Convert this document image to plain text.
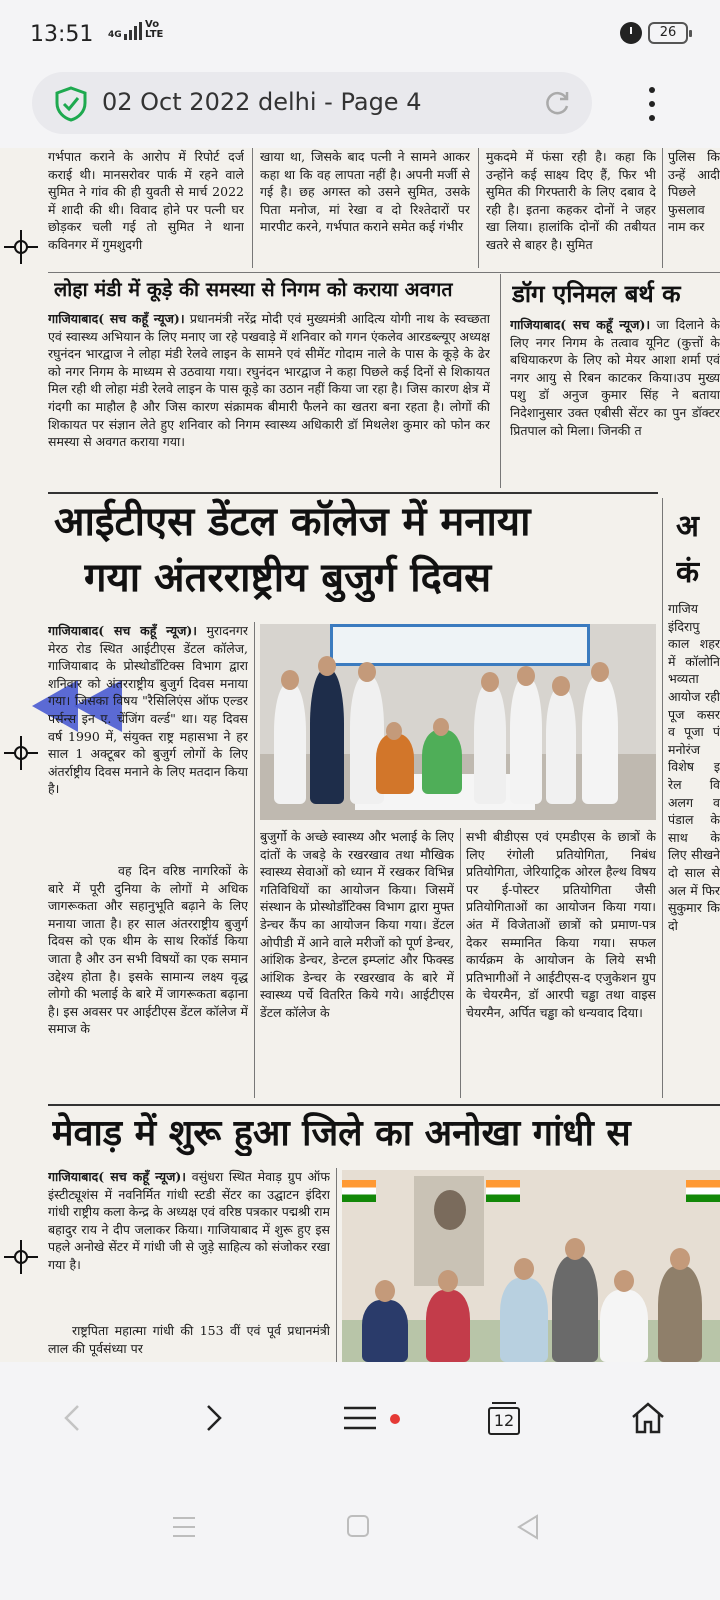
13:51 4G
Vo
LTE	26
02 Oct 2022 delhi - Page 4
गर्भपात कराने के आरोप में रिपोर्ट दर्ज कराई थी। मानसरोवर पार्क में रहने वाले सुमित ने गांव की ही युवती से मार्च 2022 में शादी की थी। विवाद होने पर पत्नी घर छोड़कर चली गई तो सुमित ने थाना कविनगर में गुमशुदगी
खाया था, जिसके बाद पत्नी ने सामने आकर कहा था कि वह लापता नहीं है। अपनी मर्जी से गई है। छह अगस्त को उसने सुमित, उसके पिता मनोज, मां रेखा व दो रिश्तेदारों पर मारपीट करने, गर्भपात कराने समेत कई गंभीर
मुकदमे में फंसा रही है। कहा कि उन्होंने कई साक्ष्य दिए हैं, फिर भी सुमित की गिरफ्तारी के लिए दबाव दे रही है। इतना कहकर दोनों ने जहर खा लिया। हालांकि दोनों की तबीयत खतरे से बाहर है। सुमित
पुलिस कि उन्हें आदी पिछले फुसलाव नाम कर
लोहा मंडी में कूड़े की समस्या से निगम को कराया अवगत

गाजियाबाद( सच कहूँ न्यूज)। प्रधानमंत्री नरेंद्र मोदी एवं मुख्यमंत्री आदित्य योगी नाथ के स्वच्छता एवं स्वास्थ्य अभियान के लिए मनाए जा रहे पखवाड़े में शनिवार को गगन एंकलेव आरडब्ल्यूए अध्यक्ष रघुनंदन भारद्वाज ने लोहा मंडी रेलवे लाइन के सामने एवं सीमेंट गोदाम नाले के पास के कूड़े के ढेर को नगर निगम के माध्यम से उठवाया गया। रघुनंदन भारद्वाज ने कहा पिछले कई दिनों से शिकायत मिल रही थी लोहा मंडी रेलवे लाइन के पास कूड़े का उठान नहीं किया जा रहा है। जिस कारण क्षेत्र में गंदगी का माहौल है और जिस कारण संक्रामक बीमारी फैलने का खतरा बना रहता है। लोगों की शिकायत पर संज्ञान लेते हुए शनिवार को निगम स्वास्थ्य अधिकारी डॉ मिथलेश कुमार को फोन कर समस्या से अवगत कराया गया।

डॉग एनिमल बर्थ क

गाजियाबाद( सच कहूँ न्यूज)। जा दिलाने के लिए नगर निगम के तत्वाव यूनिट (कुत्तों के बधियाकरण के लिए को मेयर आशा शर्मा एवं नगर आयु से रिबन काटकर किया।उप मुख्य पशु डॉ अनुज कुमार सिंह ने बताया निदेशानुसार उक्त एबीसी सेंटर का पुन डॉक्टर प्रितपाल को मिला। जिनकी त

आईटीएस डेंटल कॉलेज में मनाया
गया अंतरराष्ट्रीय बुजुर्ग दिवस

गाजियाबाद( सच कहूँ न्यूज)। मुरादनगर मेरठ रोड स्थित आईटीएस डेंटल कॉलेज, गाजियाबाद के प्रोस्थोडॉंटिक्स विभाग द्वारा शनिवार को अंतरराष्ट्रीय बुजुर्ग दिवस मनाया गया। जिसका विषय "रैसिलिएंस ऑफ एल्डर पर्सन्स इन ए. चेंजिंग वर्ल्ड" था। यह दिवस वर्ष 1990 में, संयुक्त राष्ट्र महासभा ने हर साल 1 अक्टूबर को बुजुर्ग लोगों के लिए अंतर्राष्ट्रीय दिवस मनाने के लिए मतदान किया है।

वह दिन वरिष्ठ नागरिकों के बारे में पूरी दुनिया के लोगों मे अधिक जागरूकता और सहानुभूति बढ़ाने के लिए मनाया जाता है। हर साल अंतरराष्ट्रीय बुजुर्ग दिवस को एक थीम के साथ रिकॉर्ड किया जाता है और उन सभी विषयों का एक समान उद्देश्य होता है। इसके सामान्य लक्ष्य वृद्ध लोगो की भलाई के बारे में जागरूकता बढ़ाना है। इस अवसर पर आईटीएस डेंटल कॉलेज में समाज के
बुजुर्गो के अच्छे स्वास्थ्य और भलाई के लिए दांतों के जबड़े के रखरखाव तथा मौखिक स्वास्थ्य सेवाओं को ध्यान में रखकर विभिन्न गतिविधियों का आयोजन किया। जिसमें संस्थान के प्रोस्थोडॉंटिक्स विभाग द्वारा मुफ्त डेन्चर कैंप का आयोजन किया गया। डेंटल ओपीडी में आने वाले मरीजों को पूर्ण डेन्चर, आंशिक डेन्चर, डेन्टल इम्प्लांट और फिक्स्ड आंशिक डेन्चर के रखरखाव के बारे में स्वास्थ्य पर्चे वितरित किये गये। आईटीएस डेंटल कॉलेज के
सभी बीडीएस एवं एमडीएस के छात्रों के लिए रंगोली प्रतियोगिता, निबंध प्रतियोगिता, जेरियाट्रिक ओरल हैल्थ विषय पर ई-पोस्टर प्रतियोगिता जैसी प्रतियोगिताओं का आयोजन किया गया। अंत में विजेताओं छात्रों को प्रमाण-पत्र देकर सम्मानित किया गया। सफल कार्यक्रम के आयोजन के लिये सभी प्रतिभागीओं ने आईटीएस-द एजुकेशन ग्रुप के चेयरमैन, डॉ आरपी चड्ढा तथा वाइस चेयरमैन, अर्पित चड्ढा को धन्यवाद दिया।
अ
कं
गाजिय इंदिरापु काल शहर में कॉलोनि भव्यता आयोज रही पूज कसर व पूजा पं मनोरंज विशेष इ रेल वि अलग व पंडाल के साथ के लिए सीखने दो साल से अल में फिर सुकुमार कि दो
मेवाड़ में शुरू हुआ जिले का अनोखा गांधी स

गाजियाबाद( सच कहूँ न्यूज)। वसुंधरा स्थित मेवाड़ ग्रुप ऑफ इंस्टीट्यूशंस में नवनिर्मित गांधी स्टडी सेंटर का उद्घाटन इंदिरा गांधी राष्ट्रीय कला केन्द्र के अध्यक्ष एवं वरिष्ठ पत्रकार पद्मश्री राम बहादुर राय ने दीप जलाकर किया। गाजियाबाद में शुरू हुए इस पहले अनोखे सेंटर में गांधी जी से जुड़े साहित्य को संजोकर रखा गया है।

राष्ट्रपिता महात्मा गांधी की 153 वीं एवं पूर्व प्रधानमंत्री लाल की पूर्वसंध्या पर
12
